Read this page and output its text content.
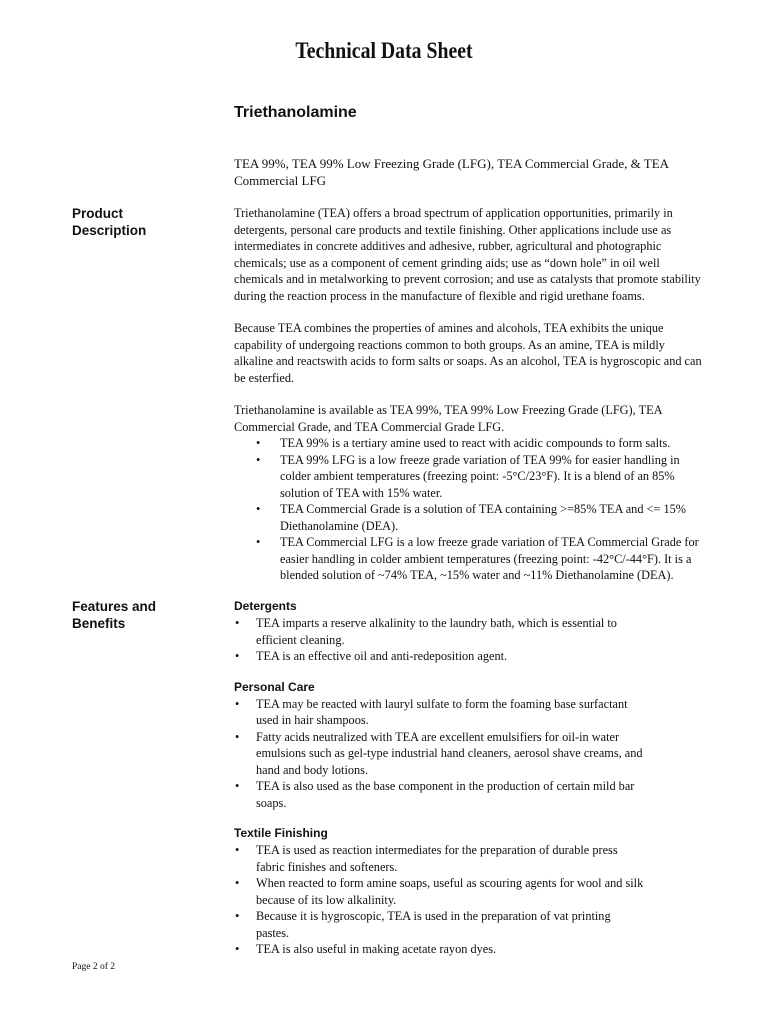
Technical Data Sheet
Triethanolamine
TEA 99%, TEA 99% Low Freezing Grade (LFG), TEA Commercial Grade, & TEA Commercial LFG
Product
Description

Triethanolamine (TEA) offers a broad spectrum of application opportunities, primarily in detergents, personal care products and textile finishing. Other applications include use as intermediates in concrete additives and adhesive, rubber, agricultural and photographic chemicals; use as a component of cement grinding aids; use as “down hole” in oil well chemicals and in metalworking to prevent corrosion; and use as catalysts that promote stability during the reaction process in the manufacture of flexible and rigid urethane foams.

Because TEA combines the properties of amines and alcohols, TEA exhibits the unique capability of undergoing reactions common to both groups. As an amine, TEA is mildly alkaline and reactswith acids to form salts or soaps. As an alcohol, TEA is hygroscopic and can be esterfied.

Triethanolamine is available as TEA 99%, TEA 99% Low Freezing Grade (LFG), TEA Commercial Grade, and TEA Commercial Grade LFG.

• TEA 99% is a tertiary amine used to react with acidic compounds to form salts.
• TEA 99% LFG is a low freeze grade variation of TEA 99% for easier handling in colder ambient temperatures (freezing point: -5°C/23°F). It is a blend of an 85% solution of TEA with 15% water.
• TEA Commercial Grade is a solution of TEA containing >=85% TEA and <= 15% Diethanolamine (DEA).
• TEA Commercial LFG is a low freeze grade variation of TEA Commercial Grade for easier handling in colder ambient temperatures (freezing point: -42°C/-44°F). It is a blended solution of ~74% TEA, ~15% water and ~11% Diethanolamine (DEA).
Features and
Benefits
Detergents
• TEA imparts a reserve alkalinity to the laundry bath, which is essential to efficient cleaning.
• TEA is an effective oil and anti-redeposition agent.
Personal Care
• TEA may be reacted with lauryl sulfate to form the foaming base surfactant used in hair shampoos.
• Fatty acids neutralized with TEA are excellent emulsifiers for oil-in water emulsions such as gel-type industrial hand cleaners, aerosol shave creams, and hand and body lotions.
• TEA is also used as the base component in the production of certain mild bar soaps.
Textile Finishing
• TEA is used as reaction intermediates for the preparation of durable press fabric finishes and softeners.
• When reacted to form amine soaps, useful as scouring agents for wool and silk because of its low alkalinity.
• Because it is hygroscopic, TEA is used in the preparation of vat printing pastes.
• TEA is also useful in making acetate rayon dyes.
Page 2 of 2
